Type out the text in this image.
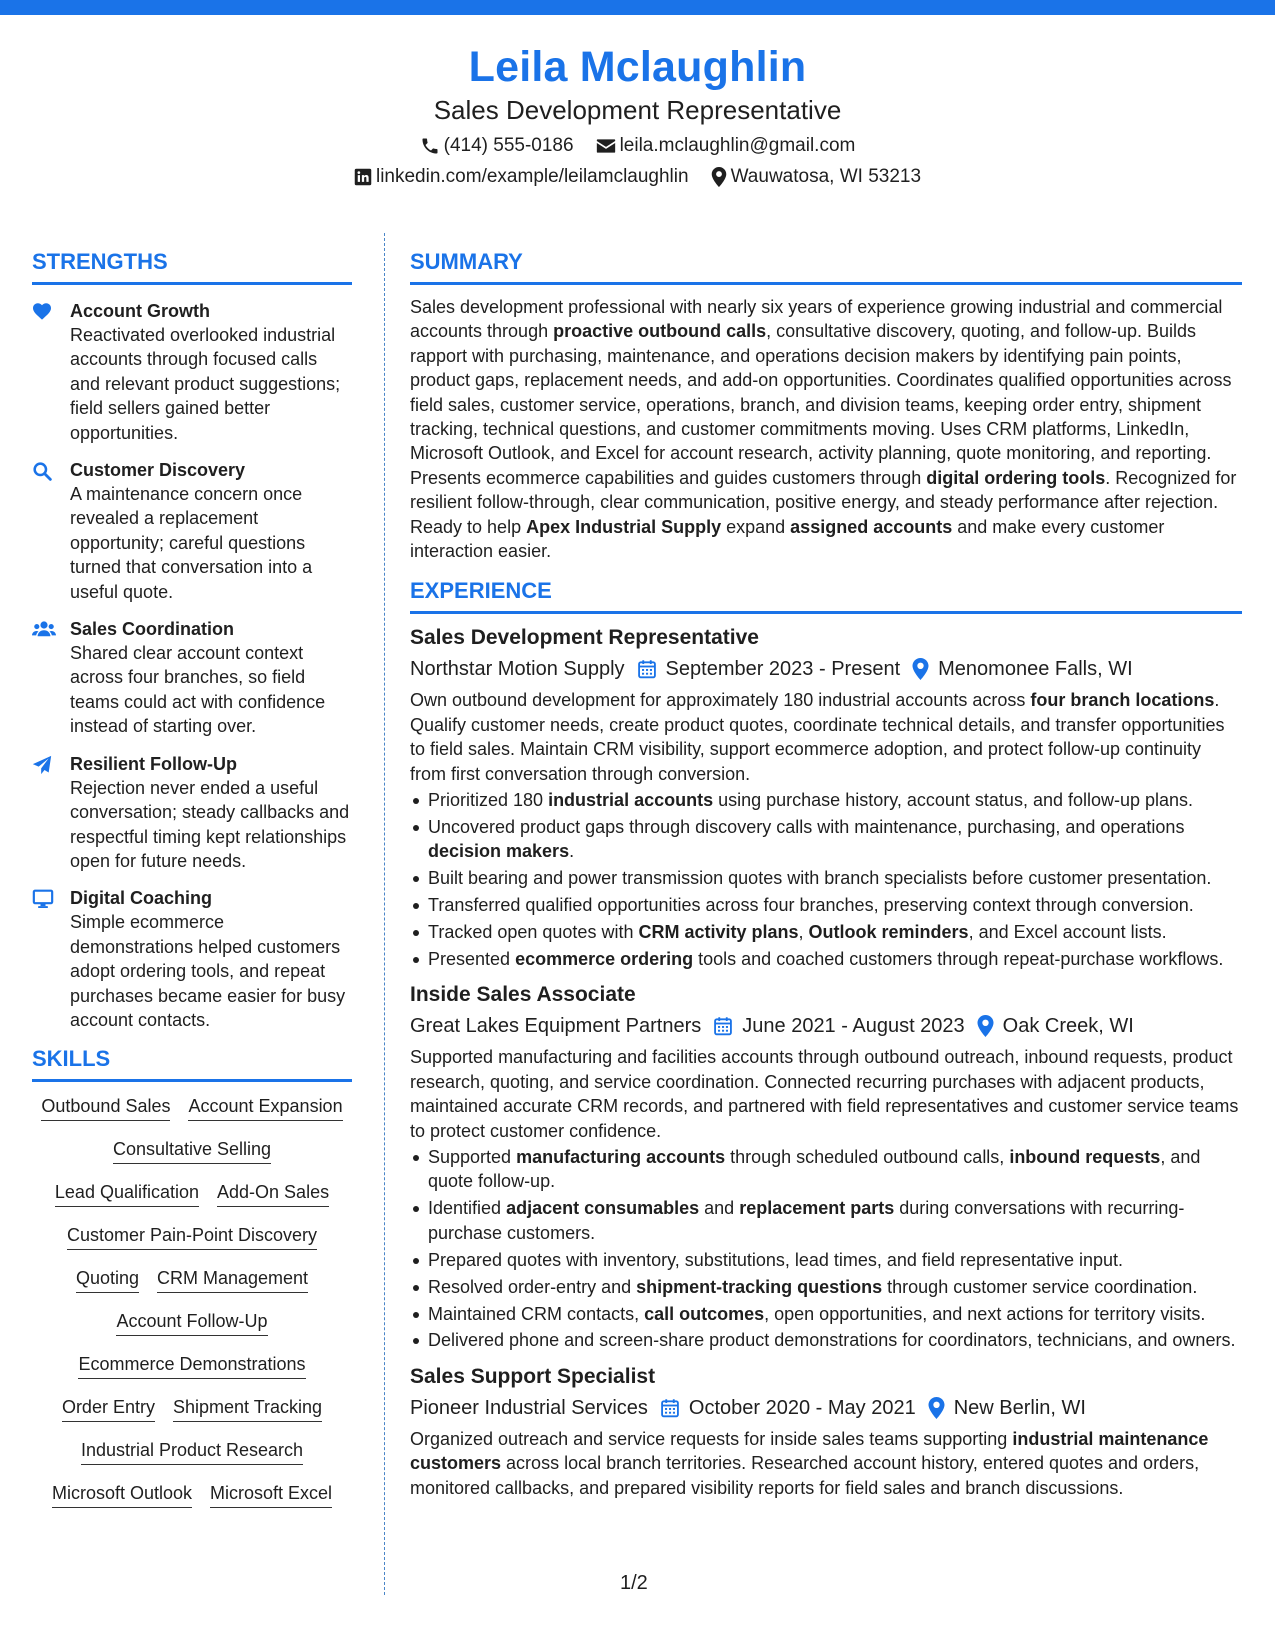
Leila Mclaughlin
Sales Development Representative
(414) 555-0186 leila.mclaughlin@gmail.com
linkedin.com/example/leilamclaughlin Wauwatosa, WI 53213
STRENGTHS
Account Growth
Reactivated overlooked industrial accounts through focused calls and relevant product suggestions; field sellers gained better opportunities.
Customer Discovery
A maintenance concern once revealed a replacement opportunity; careful questions turned that conversation into a useful quote.
Sales Coordination
Shared clear account context across four branches, so field teams could act with confidence instead of starting over.
Resilient Follow-Up
Rejection never ended a useful conversation; steady callbacks and respectful timing kept relationships open for future needs.
Digital Coaching
Simple ecommerce demonstrations helped customers adopt ordering tools, and repeat purchases became easier for busy account contacts.
SKILLS
Outbound Sales Account Expansion
Consultative Selling
Lead Qualification Add-On Sales
Customer Pain-Point Discovery
Quoting CRM Management
Account Follow-Up
Ecommerce Demonstrations
Order Entry Shipment Tracking
Industrial Product Research
Microsoft Outlook Microsoft Excel
SUMMARY
Sales development professional with nearly six years of experience growing industrial and commercial accounts through proactive outbound calls, consultative discovery, quoting, and follow-up. Builds rapport with purchasing, maintenance, and operations decision makers by identifying pain points, product gaps, replacement needs, and add-on opportunities. Coordinates qualified opportunities across field sales, customer service, operations, branch, and division teams, keeping order entry, shipment tracking, technical questions, and customer commitments moving. Uses CRM platforms, LinkedIn, Microsoft Outlook, and Excel for account research, activity planning, quote monitoring, and reporting. Presents ecommerce capabilities and guides customers through digital ordering tools. Recognized for resilient follow-through, clear communication, positive energy, and steady performance after rejection. Ready to help Apex Industrial Supply expand assigned accounts and make every customer interaction easier.
EXPERIENCE
Sales Development Representative
Northstar Motion Supply September 2023 - Present Menomonee Falls, WI
Own outbound development for approximately 180 industrial accounts across four branch locations. Qualify customer needs, create product quotes, coordinate technical details, and transfer opportunities to field sales. Maintain CRM visibility, support ecommerce adoption, and protect follow-up continuity from first conversation through conversion.
Prioritized 180 industrial accounts using purchase history, account status, and follow-up plans.
Uncovered product gaps through discovery calls with maintenance, purchasing, and operations decision makers.
Built bearing and power transmission quotes with branch specialists before customer presentation.
Transferred qualified opportunities across four branches, preserving context through conversion.
Tracked open quotes with CRM activity plans, Outlook reminders, and Excel account lists.
Presented ecommerce ordering tools and coached customers through repeat-purchase workflows.
Inside Sales Associate
Great Lakes Equipment Partners June 2021 - August 2023 Oak Creek, WI
Supported manufacturing and facilities accounts through outbound outreach, inbound requests, product research, quoting, and service coordination. Connected recurring purchases with adjacent products, maintained accurate CRM records, and partnered with field representatives and customer service teams to protect customer confidence.
Supported manufacturing accounts through scheduled outbound calls, inbound requests, and quote follow-up.
Identified adjacent consumables and replacement parts during conversations with recurring-purchase customers.
Prepared quotes with inventory, substitutions, lead times, and field representative input.
Resolved order-entry and shipment-tracking questions through customer service coordination.
Maintained CRM contacts, call outcomes, open opportunities, and next actions for territory visits.
Delivered phone and screen-share product demonstrations for coordinators, technicians, and owners.
Sales Support Specialist
Pioneer Industrial Services October 2020 - May 2021 New Berlin, WI
Organized outreach and service requests for inside sales teams supporting industrial maintenance customers across local branch territories. Researched account history, entered quotes and orders, monitored callbacks, and prepared visibility reports for field sales and branch discussions.
1/2
